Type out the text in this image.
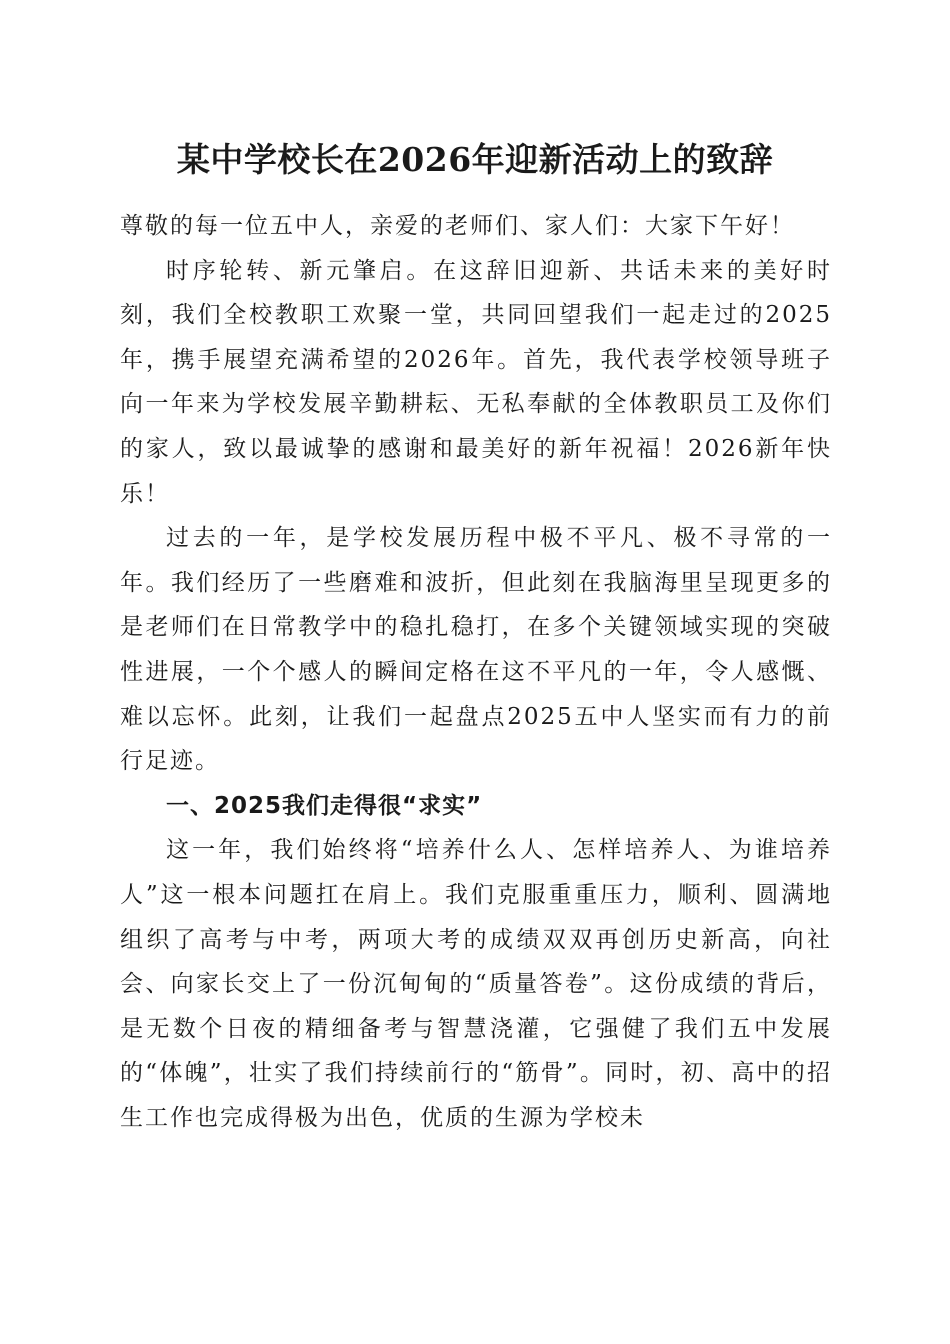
某中学校长在2026年迎新活动上的致辞

尊敬的每一位五中人，亲爱的老师们、家人们：大家下午好！

时序轮转、新元肇启。在这辞旧迎新、共话未来的美好时刻，我们全校教职工欢聚一堂，共同回望我们一起走过的2025年，携手展望充满希望的2026年。首先，我代表学校领导班子向一年来为学校发展辛勤耕耘、无私奉献的全体教职员工及你们的家人，致以最诚挚的感谢和最美好的新年祝福！2026新年快乐！

过去的一年，是学校发展历程中极不平凡、极不寻常的一年。我们经历了一些磨难和波折，但此刻在我脑海里呈现更多的是老师们在日常教学中的稳扎稳打，在多个关键领域实现的突破性进展，一个个感人的瞬间定格在这不平凡的一年，令人感慨、难以忘怀。此刻，让我们一起盘点2025五中人坚实而有力的前行足迹。

一、2025我们走得很“求实”

这一年，我们始终将“培养什么人、怎样培养人、为谁培养人”这一根本问题扛在肩上。我们克服重重压力，顺利、圆满地组织了高考与中考，两项大考的成绩双双再创历史新高，向社会、向家长交上了一份沉甸甸的“质量答卷”。这份成绩的背后，是无数个日夜的精细备考与智慧浇灌，它强健了我们五中发展的“体魄”，壮实了我们持续前行的“筋骨”。同时，初、高中的招生工作也完成得极为出色，优质的生源为学校未
